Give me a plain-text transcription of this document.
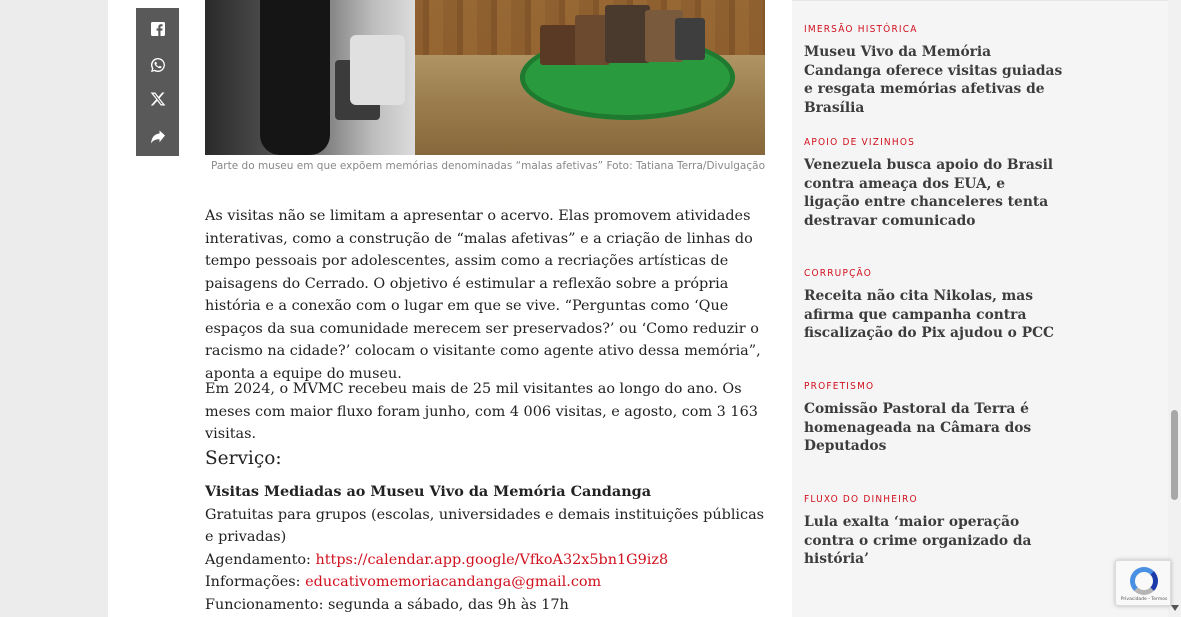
Parte do museu em que expõem memórias denominadas “malas afetivas” Foto: Tatiana Terra/Divulgação

As visitas não se limitam a apresentar o acervo. Elas promovem atividades interativas, como a construção de “malas afetivas” e a criação de linhas do tempo pessoais por adolescentes, assim como a recriações artísticas de paisagens do Cerrado. O objetivo é estimular a reflexão sobre a própria história e a conexão com o lugar em que se vive. “Perguntas como ‘Que espaços da sua comunidade merecem ser preservados?’ ou ‘Como reduzir o racismo na cidade?’ colocam o visitante como agente ativo dessa memória”, aponta a equipe do museu.

Em 2024, o MVMC recebeu mais de 25 mil visitantes ao longo do ano. Os meses com maior fluxo foram junho, com 4 006 visitas, e agosto, com 3 163 visitas.

Serviço:
Visitas Mediadas ao Museu Vivo da Memória Candanga
Gratuitas para grupos (escolas, universidades e demais instituições públicas e privadas)
Agendamento: https://calendar.app.google/VfkoA32x5bn1G9iz8
Informações: educativomemoriacandanga@gmail.com
Funcionamento: segunda a sábado, das 9h às 17h
IMERSÃO HISTÓRICA
Museu Vivo da Memória Candanga oferece visitas guiadas e resgata memórias afetivas de Brasília
APOIO DE VIZINHOS
Venezuela busca apoio do Brasil contra ameaça dos EUA, e ligação entre chanceleres tenta destravar comunicado
CORRUPÇÃO
Receita não cita Nikolas, mas afirma que campanha contra fiscalização do Pix ajudou o PCC
PROFETISMO
Comissão Pastoral da Terra é homenageada na Câmara dos Deputados
FLUXO DO DINHEIRO
Lula exalta ‘maior operação contra o crime organizado da história’
Privacidade - Termos
